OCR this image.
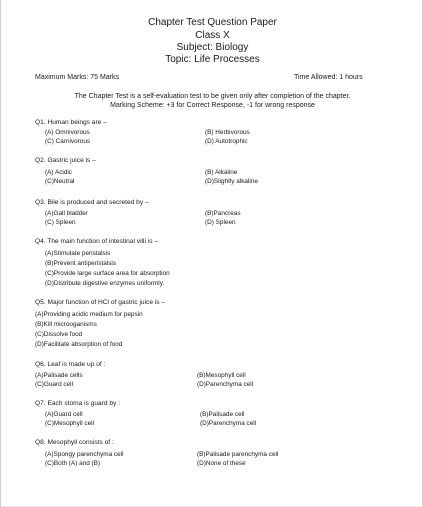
Chapter Test Question Paper
Class X
Subject: Biology
Topic: Life Processes
Maximum Marks: 75 Marks	Time Allowed: 1 hours
The Chapter Test is a self-evaluation test to be given only after completion of the chapter.
Marking Scheme: +3 for Correct Response, -1 for wrong response
Q1. Human beings are –
(A) Omnivorous	(B) Herbivorous
(C) Carnivorous	(D) Autotrophic
Q2. Gastric juice is –
(A) Acidic	(B) Alkaline
(C)Neutral	(D)Slightly alkaline
Q3. Bile is produced and secreted by –
(A)Gall bladder	(B)Pancreas
(C) Spleen	(D) Spleen
Q4. The main function of intestinal villi is –
(A)Stimulate peristalsis
(B)Prevent antiperistalsis
(C)Provide large surface area for absorption
(D)Distribute digestive enzymes uniformly.
Q5. Major function of HCl of gastric juice is –
(A)Providing acidic medium for pepsin
(B)Kill microoganisms
(C)Dissolve food
(D)Facilitate absorption of food
Q6. Leaf is made up of :
(A)Palisade cells	(B)Mesophyll cell
(C)Guard cell	(D)Parenchyma cell
Q7. Each stoma is guard by :
(A)Guard cell	(B)Palisade cell
(C)Mesophyll cell	(D)Parenchyma cell
Q8. Mesophyll consists of :
(A)Spongy parenchyma cell	(B)Palisade parenchyma cell
(C)Both (A) and (B)	(D)None of these
